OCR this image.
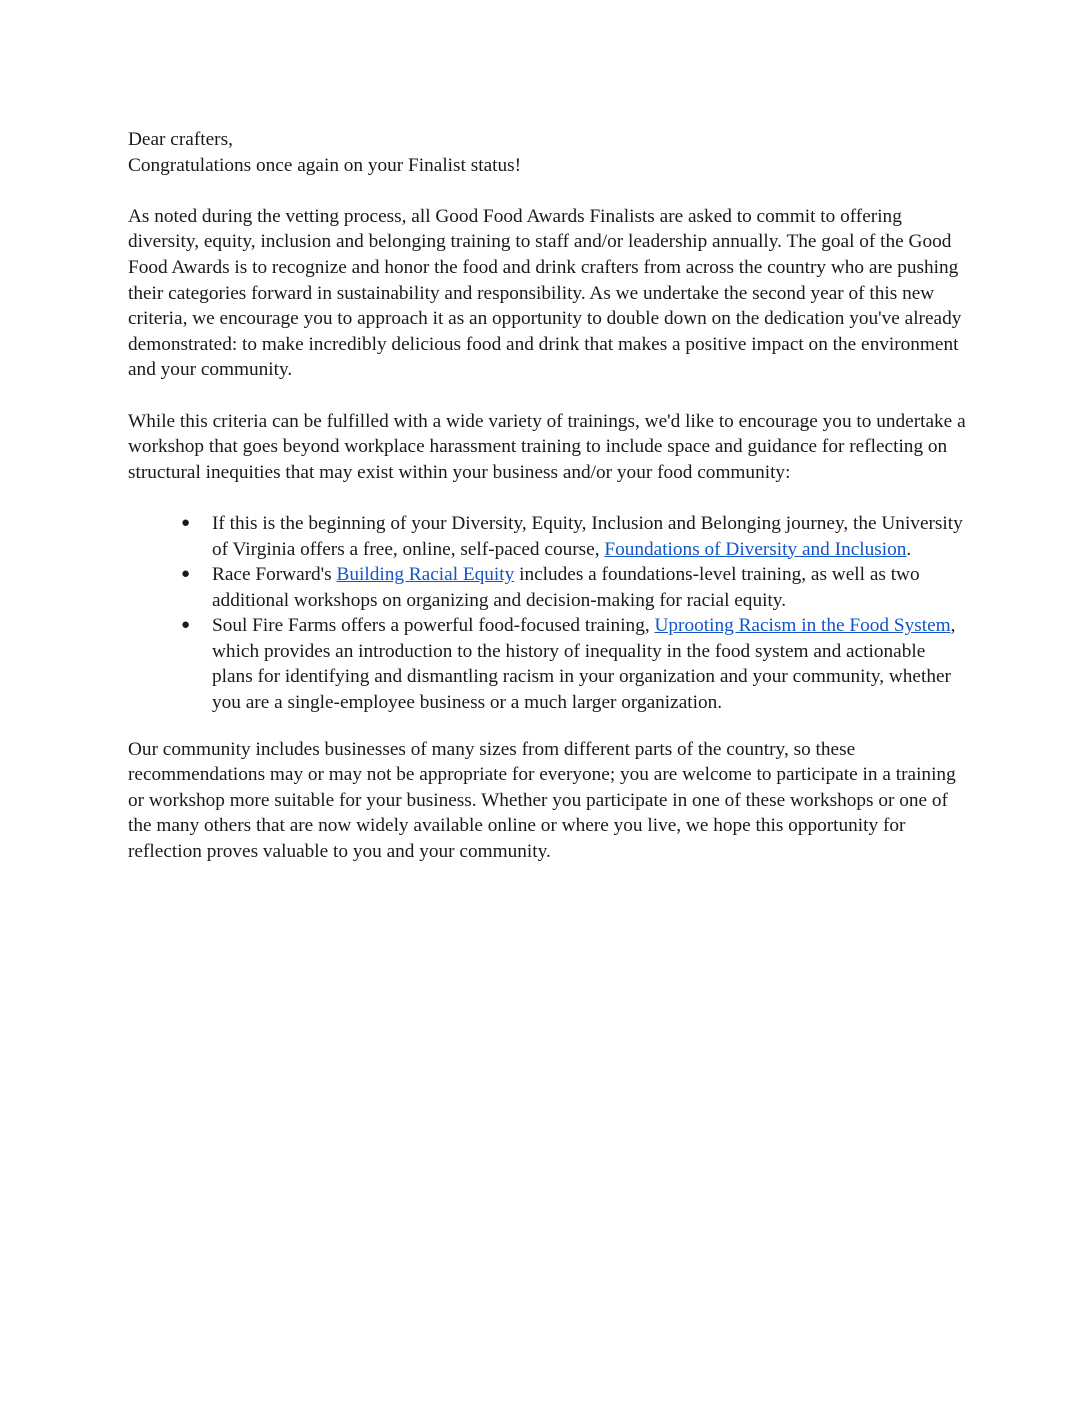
Dear crafters,

Congratulations once again on your Finalist status!

As noted during the vetting process, all Good Food Awards Finalists are asked to commit to offering diversity, equity, inclusion and belonging training to staff and/or leadership annually. The goal of the Good Food Awards is to recognize and honor the food and drink crafters from across the country who are pushing their categories forward in sustainability and responsibility. As we undertake the second year of this new criteria, we encourage you to approach it as an opportunity to double down on the dedication you've already demonstrated: to make incredibly delicious food and drink that makes a positive impact on the environment and your community.

While this criteria can be fulfilled with a wide variety of trainings, we'd like to encourage you to undertake a workshop that goes beyond workplace harassment training to include space and guidance for reflecting on structural inequities that may exist within your business and/or your food community:

● If this is the beginning of your Diversity, Equity, Inclusion and Belonging journey, the University of Virginia offers a free, online, self-paced course, Foundations of Diversity and Inclusion.
● Race Forward's Building Racial Equity includes a foundations-level training, as well as two additional workshops on organizing and decision-making for racial equity.
● Soul Fire Farms offers a powerful food-focused training, Uprooting Racism in the Food System, which provides an introduction to the history of inequality in the food system and actionable plans for identifying and dismantling racism in your organization and your community, whether you are a single-employee business or a much larger organization.

Our community includes businesses of many sizes from different parts of the country, so these recommendations may or may not be appropriate for everyone; you are welcome to participate in a training or workshop more suitable for your business. Whether you participate in one of these workshops or one of the many others that are now widely available online or where you live, we hope this opportunity for reflection proves valuable to you and your community.
